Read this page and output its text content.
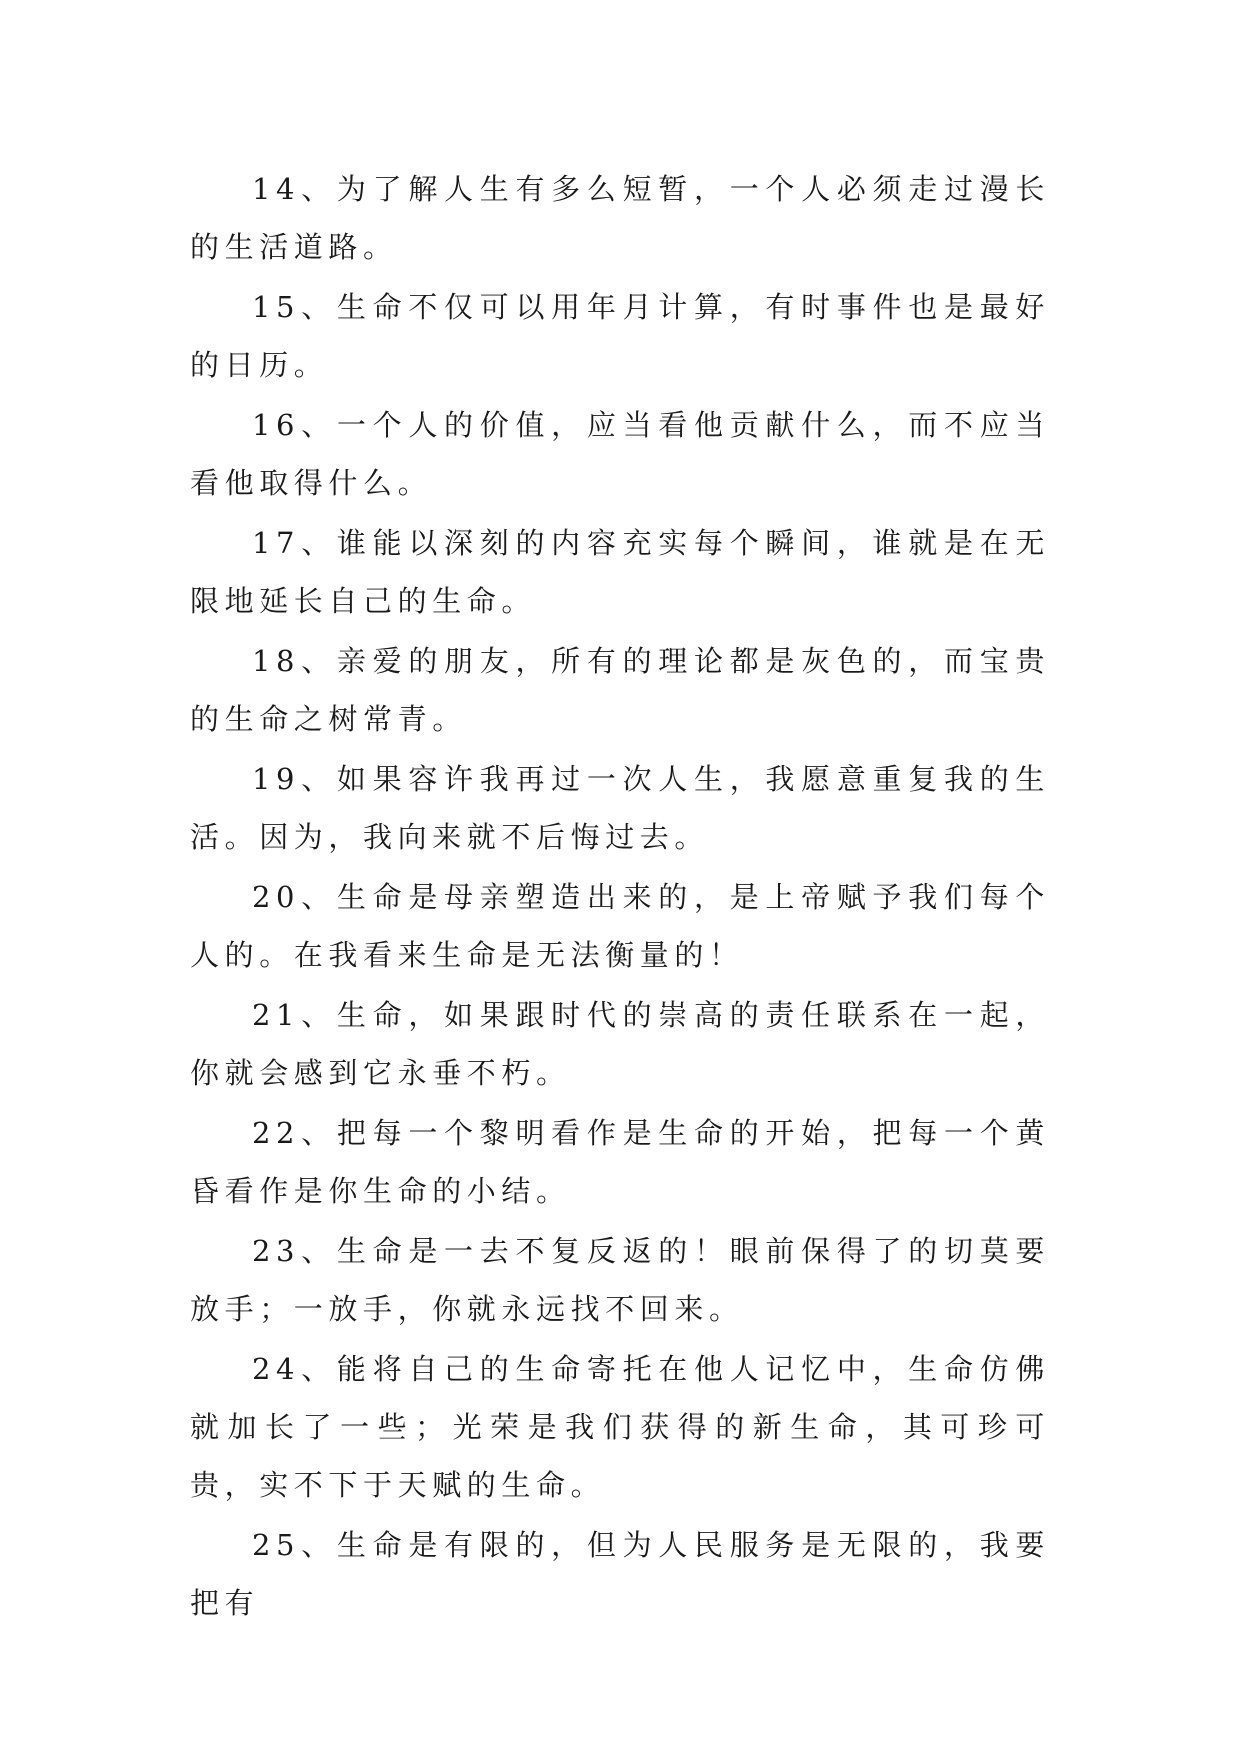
14、为了解人生有多么短暂，一个人必须走过漫长的生活道路。

15、生命不仅可以用年月计算，有时事件也是最好的日历。

16、一个人的价值，应当看他贡献什么，而不应当看他取得什么。

17、谁能以深刻的内容充实每个瞬间，谁就是在无限地延长自己的生命。

18、亲爱的朋友，所有的理论都是灰色的，而宝贵的生命之树常青。

19、如果容许我再过一次人生，我愿意重复我的生活。因为，我向来就不后悔过去。

20、生命是母亲塑造出来的，是上帝赋予我们每个人的。在我看来生命是无法衡量的！

21、生命，如果跟时代的崇高的责任联系在一起，你就会感到它永垂不朽。

22、把每一个黎明看作是生命的开始，把每一个黄昏看作是你生命的小结。

23、生命是一去不复反返的！眼前保得了的切莫要放手；一放手，你就永远找不回来。

24、能将自己的生命寄托在他人记忆中，生命仿佛就加长了一些；光荣是我们获得的新生命，其可珍可贵，实不下于天赋的生命。

25、生命是有限的，但为人民服务是无限的，我要把有
